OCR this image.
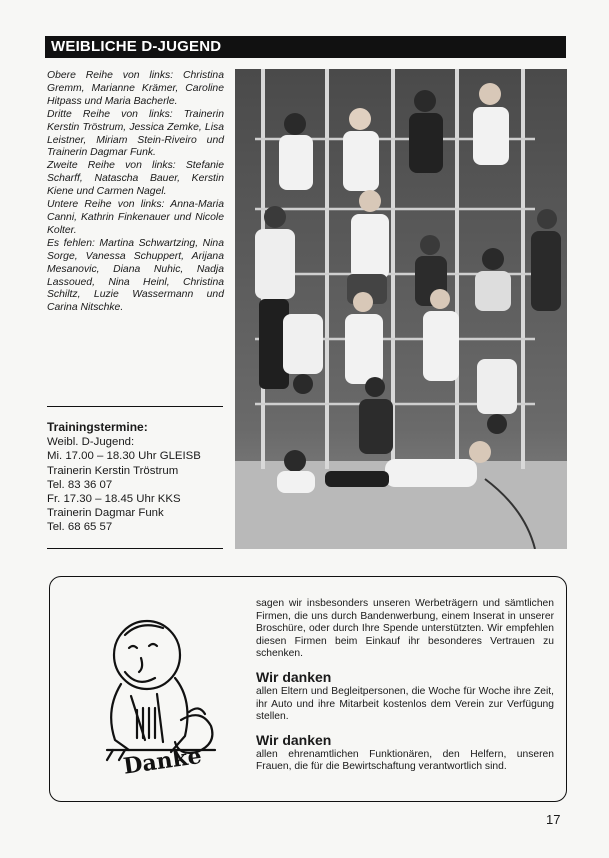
WEIBLICHE D-JUGEND

Obere Reihe von links: Christina Gremm, Marianne Krämer, Caroline Hitpass und Maria Bacherle.

Dritte Reihe von links: Trainerin Kerstin Tröstrum, Jessica Zemke, Lisa Leistner, Miriam Stein-Riveiro und Trainerin Dagmar Funk.

Zweite Reihe von links: Stefanie Scharff, Natascha Bauer, Kerstin Kiene und Carmen Nagel.

Untere Reihe von links: Anna-Maria Canni, Kathrin Finkenauer und Nicole Kolter.

Es fehlen: Martina Schwartzing, Nina Sorge, Vanessa Schuppert, Arijana Mesanovic, Diana Nuhic, Nadja Lassoued, Nina Heinl, Christina Schiltz, Luzie Wassermann und Carina Nitschke.

Trainingstermine:
Weibl. D-Jugend:
Mi. 17.00 – 18.30 Uhr GLEISB
Trainerin Kerstin Tröstrum
Tel. 83 36 07
Fr. 17.30 – 18.45 Uhr KKS
Trainerin Dagmar Funk
Tel. 68 65 57
Danke

sagen wir insbesonders unseren Werbeträgern und sämtlichen Firmen, die uns durch Bandenwerbung, einem Inserat in unserer Broschüre, oder durch Ihre Spende unterstützten. Wir empfehlen diesen Firmen beim Einkauf ihr besonderes Vertrauen zu schenken.

Wir danken

allen Eltern und Begleitpersonen, die Woche für Woche ihre Zeit, ihr Auto und ihre Mitarbeit kostenlos dem Verein zur Verfügung stellen.

Wir danken

allen ehrenamtlichen Funktionären, den Helfern, unseren Frauen, die für die Bewirtschaftung verantwortlich sind.

17
